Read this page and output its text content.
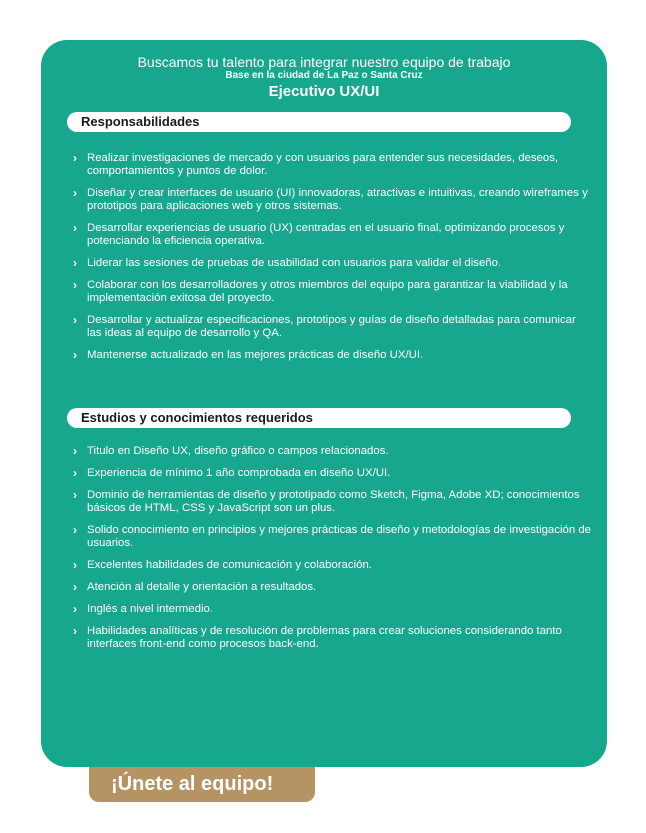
Buscamos tu talento para integrar nuestro equipo de trabajo
Base en la ciudad de La Paz o Santa Cruz
Ejecutivo UX/UI
Responsabilidades
› Realizar investigaciones de mercado y con usuarios para entender sus necesidades, deseos, comportamientos y puntos de dolor.
› Diseñar y crear interfaces de usuario (UI) innovadoras, atractivas e intuitivas, creando wireframes y prototipos para aplicaciones web y otros sistemas.
› Desarrollar experiencias de usuario (UX) centradas en el usuario final, optimizando procesos y potenciando la eficiencia operativa.
› Liderar las sesiones de pruebas de usabilidad con usuarios para validar el diseño.
› Colaborar con los desarrolladores y otros miembros del equipo para garantizar la viabilidad y la implementación exitosa del proyecto.
› Desarrollar y actualizar especificaciones, prototipos y guías de diseño detalladas para comunicar las ideas al equipo de desarrollo y QA.
› Mantenerse actualizado en las mejores prácticas de diseño UX/UI.
Estudios y conocimientos requeridos
› Titulo en Diseño UX, diseño gráfico o campos relacionados.
› Experiencia de mínimo 1 año comprobada en diseño UX/UI.
› Dominio de herramientas de diseño y prototipado como Sketch, Figma, Adobe XD; conocimientos básicos de HTML, CSS y JavaScript son un plus.
› Solido conocimiento en principios y mejores prácticas de diseño y metodologías de investigación de usuarios.
› Excelentes habilidades de comunicación y colaboración.
› Atención al detalle y orientación a resultados.
› Inglés a nivel intermedio.
› Habilidades analíticas y de resolución de problemas para crear soluciones considerando tanto interfaces front-end como procesos back-end.
¡Únete al equipo!
